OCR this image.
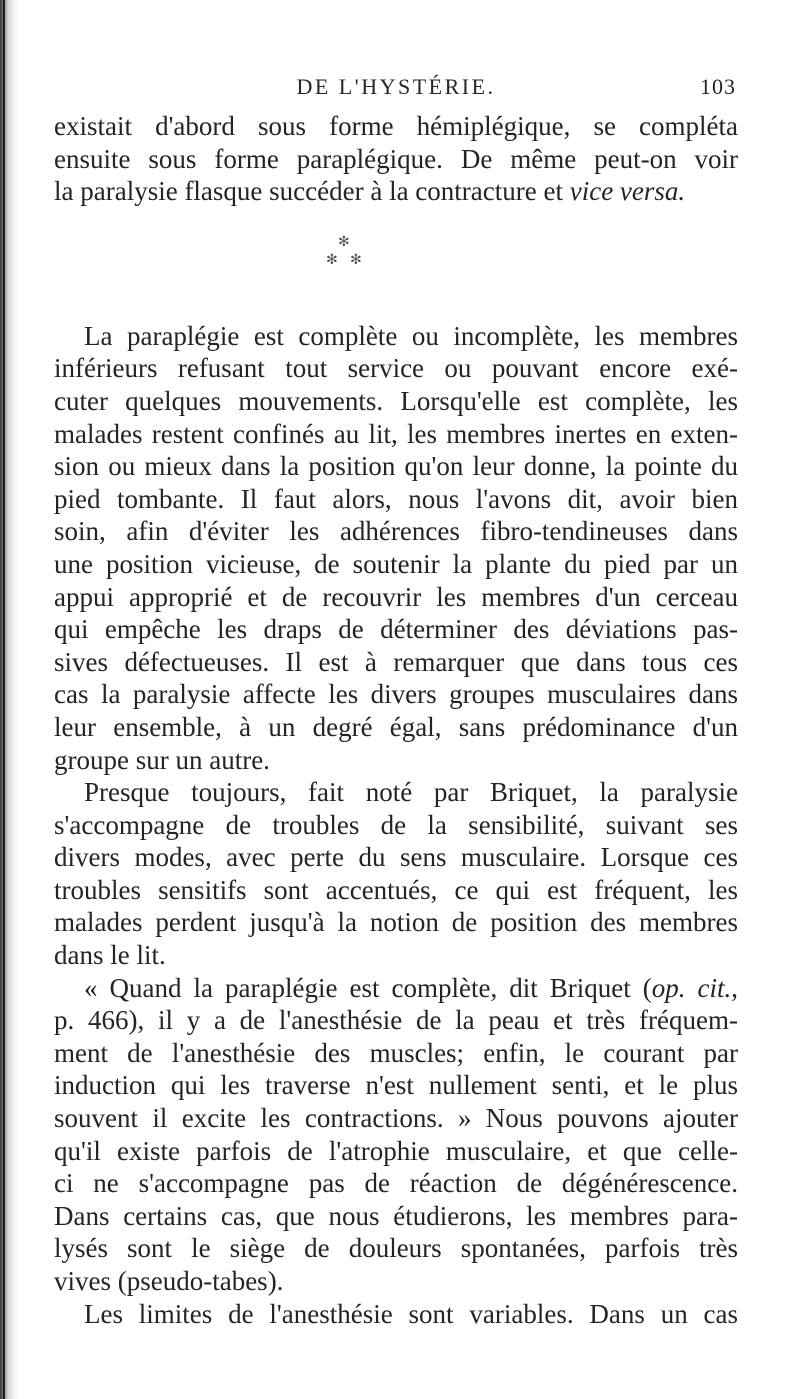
DE L'HYSTÉRIE.	103
existait d'abord sous forme hémiplégique, se compléta
ensuite sous forme paraplégique. De même peut-on voir
la paralysie flasque succéder à la contracture et vice versa.
✻
✻ ✻
La paraplégie est complète ou incomplète, les membres
inférieurs refusant tout service ou pouvant encore exé-
cuter quelques mouvements. Lorsqu'elle est complète, les
malades restent confinés au lit, les membres inertes en exten-
sion ou mieux dans la position qu'on leur donne, la pointe du
pied tombante. Il faut alors, nous l'avons dit, avoir bien
soin, afin d'éviter les adhérences fibro-tendineuses dans
une position vicieuse, de soutenir la plante du pied par un
appui approprié et de recouvrir les membres d'un cerceau
qui empêche les draps de déterminer des déviations pas-
sives défectueuses. Il est à remarquer que dans tous ces
cas la paralysie affecte les divers groupes musculaires dans
leur ensemble, à un degré égal, sans prédominance d'un
groupe sur un autre.
Presque toujours, fait noté par Briquet, la paralysie
s'accompagne de troubles de la sensibilité, suivant ses
divers modes, avec perte du sens musculaire. Lorsque ces
troubles sensitifs sont accentués, ce qui est fréquent, les
malades perdent jusqu'à la notion de position des membres
dans le lit.
« Quand la paraplégie est complète, dit Briquet (op. cit.,
p. 466), il y a de l'anesthésie de la peau et très fréquem-
ment de l'anesthésie des muscles; enfin, le courant par
induction qui les traverse n'est nullement senti, et le plus
souvent il excite les contractions. » Nous pouvons ajouter
qu'il existe parfois de l'atrophie musculaire, et que celle-
ci ne s'accompagne pas de réaction de dégénérescence.
Dans certains cas, que nous étudierons, les membres para-
lysés sont le siège de douleurs spontanées, parfois très
vives (pseudo-tabes).
Les limites de l'anesthésie sont variables. Dans un cas
